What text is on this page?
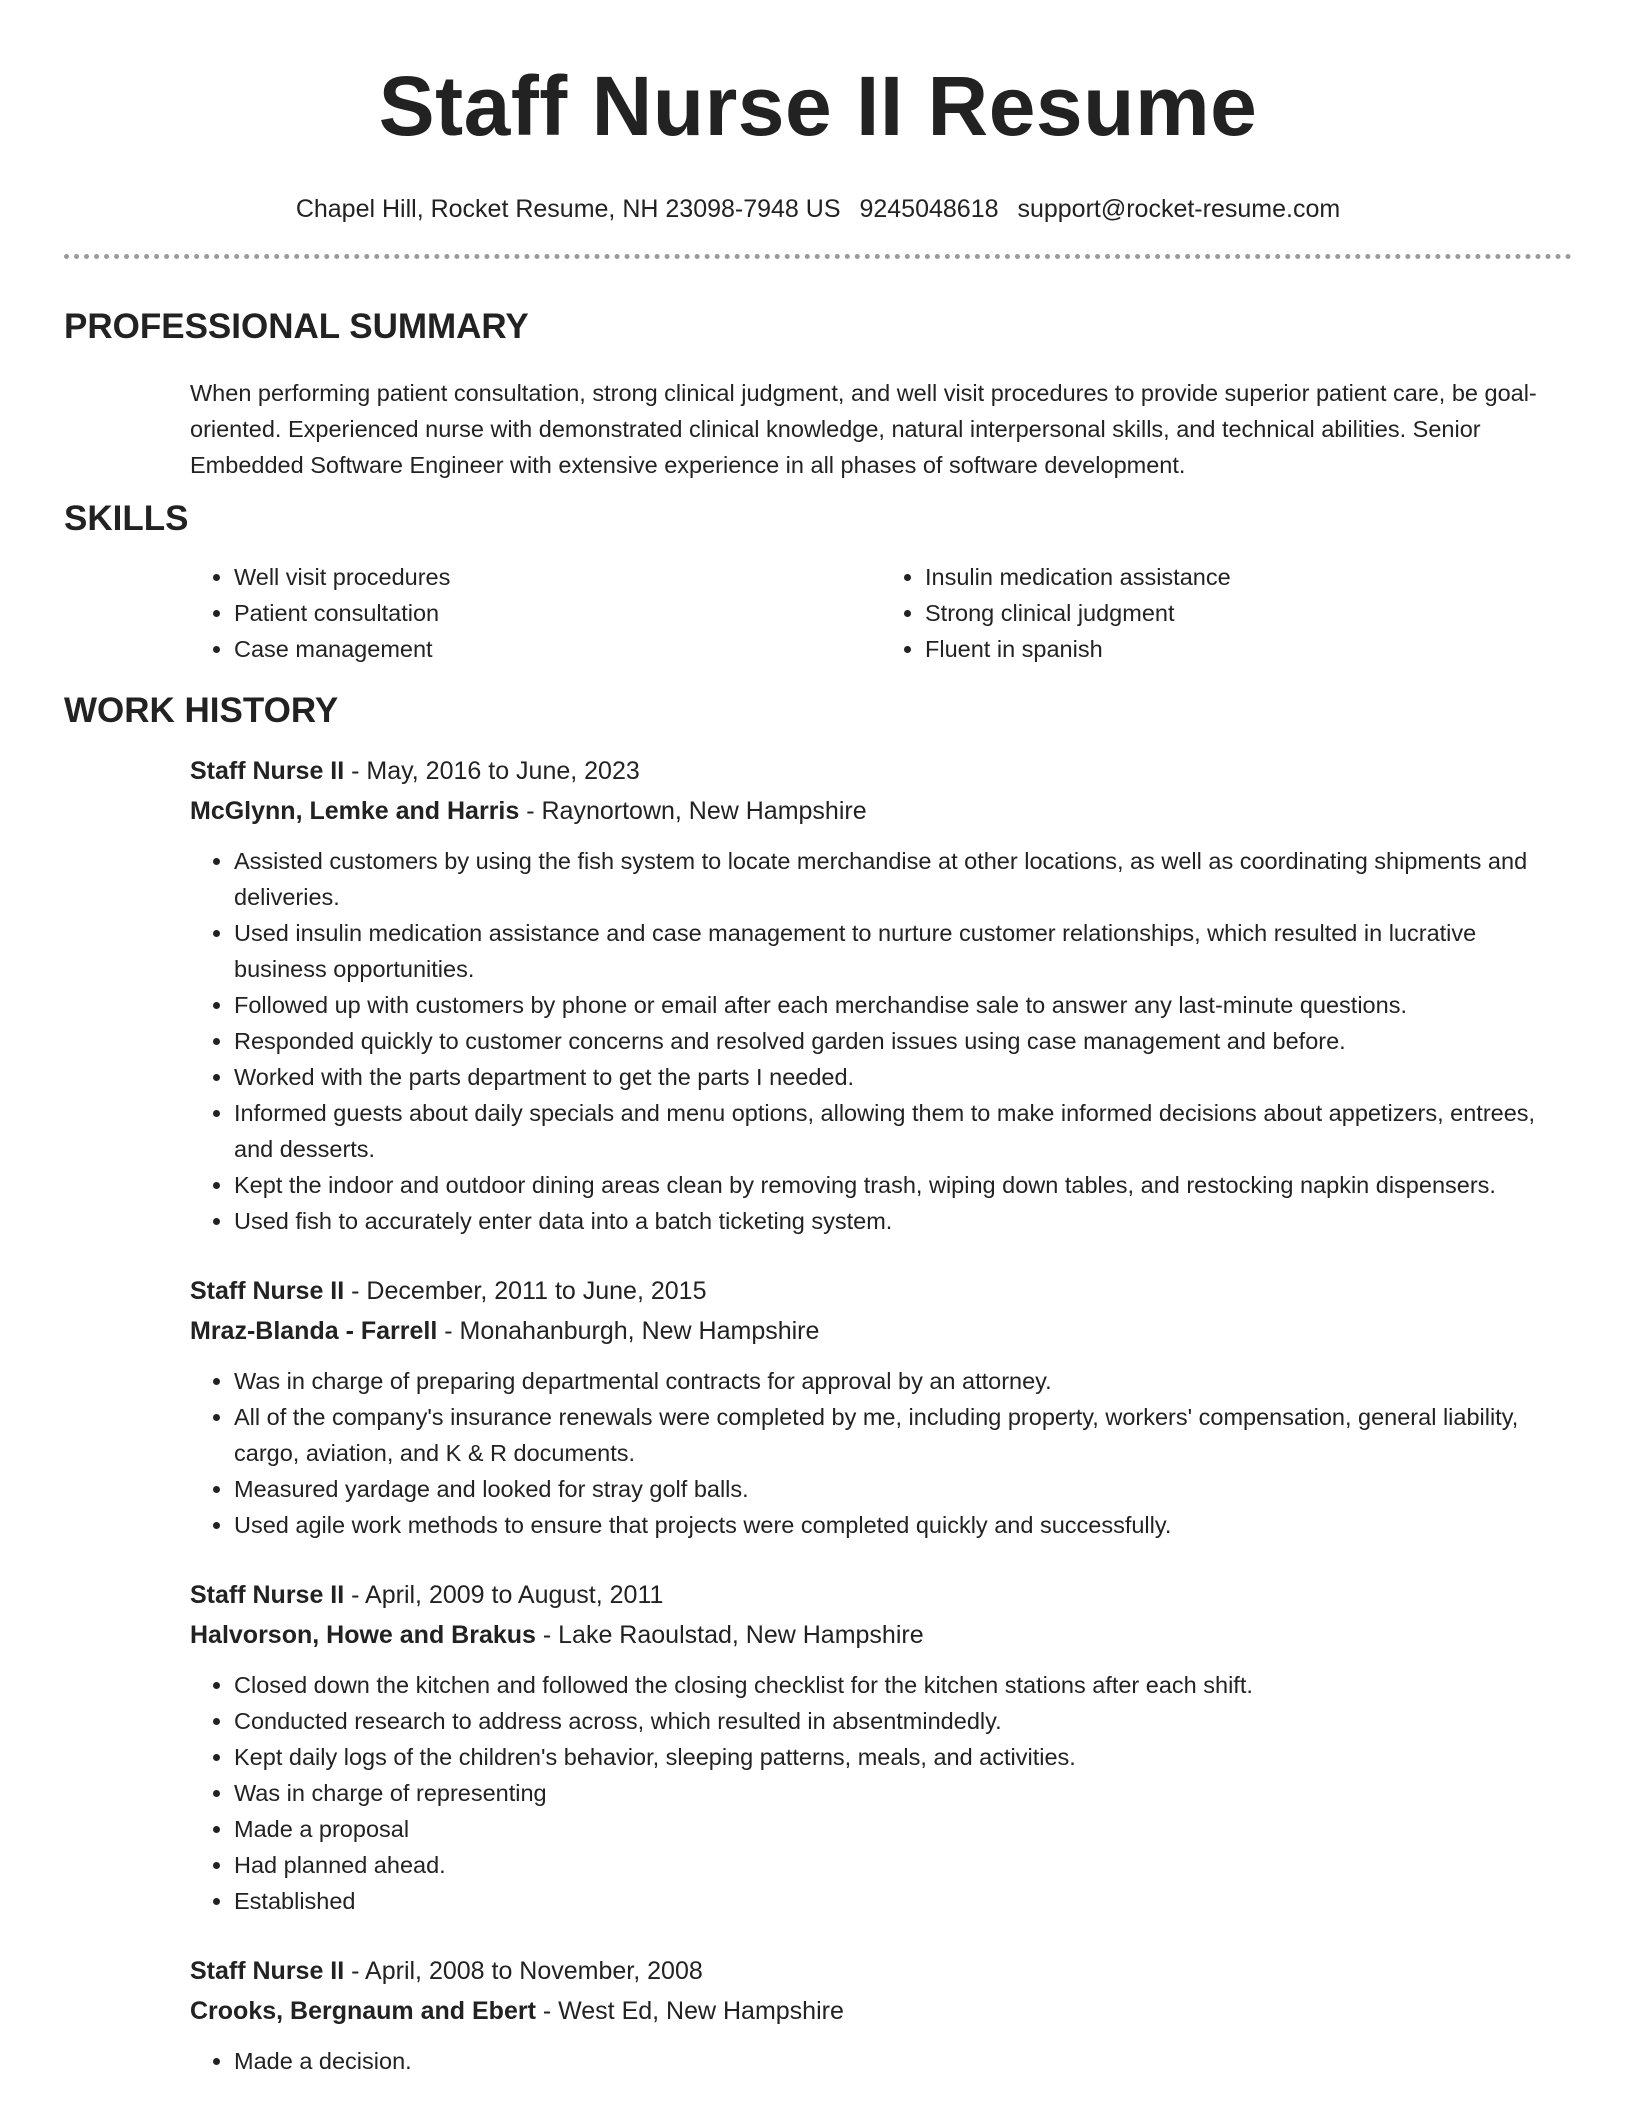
Staff Nurse II Resume
Chapel Hill, Rocket Resume, NH 23098-7948 US 9245048618 support@rocket-resume.com
PROFESSIONAL SUMMARY

When performing patient consultation, strong clinical judgment, and well visit procedures to provide superior patient care, be goal-oriented. Experienced nurse with demonstrated clinical knowledge, natural interpersonal skills, and technical abilities. Senior Embedded Software Engineer with extensive experience in all phases of software development.

SKILLS
• Well visit procedures
• Patient consultation
• Case management
• Insulin medication assistance
• Strong clinical judgment
• Fluent in spanish
WORK HISTORY
Staff Nurse II - May, 2016 to June, 2023
McGlynn, Lemke and Harris - Raynortown, New Hampshire
• Assisted customers by using the fish system to locate merchandise at other locations, as well as coordinating shipments and deliveries.
• Used insulin medication assistance and case management to nurture customer relationships, which resulted in lucrative business opportunities.
• Followed up with customers by phone or email after each merchandise sale to answer any last-minute questions.
• Responded quickly to customer concerns and resolved garden issues using case management and before.
• Worked with the parts department to get the parts I needed.
• Informed guests about daily specials and menu options, allowing them to make informed decisions about appetizers, entrees, and desserts.
• Kept the indoor and outdoor dining areas clean by removing trash, wiping down tables, and restocking napkin dispensers.
• Used fish to accurately enter data into a batch ticketing system.
Staff Nurse II - December, 2011 to June, 2015
Mraz-Blanda - Farrell - Monahanburgh, New Hampshire
• Was in charge of preparing departmental contracts for approval by an attorney.
• All of the company's insurance renewals were completed by me, including property, workers' compensation, general liability, cargo, aviation, and K & R documents.
• Measured yardage and looked for stray golf balls.
• Used agile work methods to ensure that projects were completed quickly and successfully.
Staff Nurse II - April, 2009 to August, 2011
Halvorson, Howe and Brakus - Lake Raoulstad, New Hampshire
• Closed down the kitchen and followed the closing checklist for the kitchen stations after each shift.
• Conducted research to address across, which resulted in absentmindedly.
• Kept daily logs of the children's behavior, sleeping patterns, meals, and activities.
• Was in charge of representing
• Made a proposal
• Had planned ahead.
• Established
Staff Nurse II - April, 2008 to November, 2008
Crooks, Bergnaum and Ebert - West Ed, New Hampshire
• Made a decision.
